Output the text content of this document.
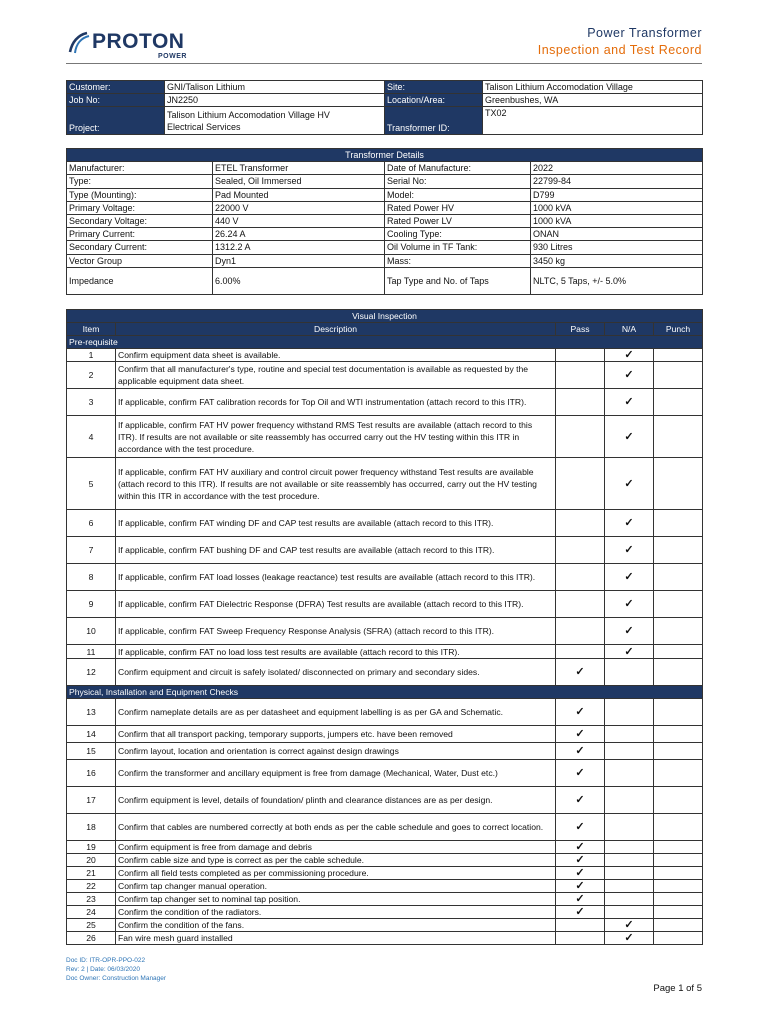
PROTON
POWER
Power Transformer
Inspection and Test Record
Customer:	GNI/Talison Lithium	Site:	Talison Lithium Accomodation Village
Job No:	JN2250	Location/Area:	Greenbushes, WA
Project:	Talison Lithium Accomodation Village HV
Electrical Services	Transformer ID:	TX02
Transformer Details			
Manufacturer:	ETEL Transformer	Date of Manufacture:	2022
Type:	Sealed, Oil Immersed	Serial No:	22799-84
Type (Mounting):	Pad Mounted	Model:	D799
Primary Voltage:	22000 V	Rated Power HV	1000 kVA
Secondary Voltage:	440 V	Rated Power LV	1000 kVA
Primary Current:	26.24 A	Cooling Type:	ONAN
Secondary Current:	1312.2 A	Oil Volume in TF Tank:	930 Litres
Vector Group	Dyn1	Mass:	3450 kg
Impedance	6.00%	Tap Type and No. of Taps	NLTC, 5 Taps, +/- 5.0%
Visual Inspection				
Item	Description	Pass	N/A	Punch
Pre-requisite				
1	Confirm equipment data sheet is available.		✓	
2	Confirm that all manufacturer's type, routine and special test documentation is available as requested by the applicable equipment data sheet.		✓	
3	If applicable, confirm FAT calibration records for Top Oil and WTI instrumentation (attach record to this ITR).		✓	
4	If applicable, confirm FAT HV power frequency withstand RMS Test results are available (attach record to this ITR). If results are not available or site reassembly has occurred carry out the HV testing within this ITR in accordance with the test procedure.		✓	
5	If applicable, confirm FAT HV auxiliary and control circuit power frequency withstand Test results are available (attach record to this ITR). If results are not available or site reassembly has occurred, carry out the HV testing within this ITR in accordance with the test procedure.		✓	
6	If applicable, confirm FAT winding DF and CAP test results are available (attach record to this ITR).		✓	
7	If applicable, confirm FAT bushing DF and CAP test results are available (attach record to this ITR).		✓	
8	If applicable, confirm FAT load losses (leakage reactance) test results are available (attach record to this ITR).		✓	
9	If applicable, confirm FAT Dielectric Response (DFRA) Test results are available (attach record to this ITR).		✓	
10	If applicable, confirm FAT Sweep Frequency Response Analysis (SFRA) (attach record to this ITR).		✓	
11	If applicable, confirm FAT no load loss test results are available (attach record to this ITR).		✓	
12	Confirm equipment and circuit is safely isolated/ disconnected on primary and secondary sides.	✓		
Physical, Installation and Equipment Checks				
13	Confirm nameplate details are as per datasheet and equipment labelling is as per GA and Schematic.	✓		
14	Confirm that all transport packing, temporary supports, jumpers etc. have been removed	✓		
15	Confirm layout, location and orientation is correct against design drawings	✓		
16	Confirm the transformer and ancillary equipment is free from damage (Mechanical, Water, Dust etc.)	✓		
17	Confirm equipment is level, details of foundation/ plinth and clearance distances are as per design.	✓		
18	Confirm that cables are numbered correctly at both ends as per the cable schedule and goes to correct location.	✓		
19	Confirm equipment is free from damage and debris	✓		
20	Confirm cable size and type is correct as per the cable schedule.	✓		
21	Confirm all field tests completed as per commissioning procedure.	✓		
22	Confirm tap changer manual operation.	✓		
23	Confirm tap changer set to nominal tap position.	✓		
24	Confirm the condition of the radiators.	✓		
25	Confirm the condition of the fans.		✓	
26	Fan wire mesh guard installed		✓	
Doc ID: ITR-OPR-PPO-022
Rev: 2 | Date: 06/03/2020
Doc Owner: Construction Manager
Page 1 of 5
